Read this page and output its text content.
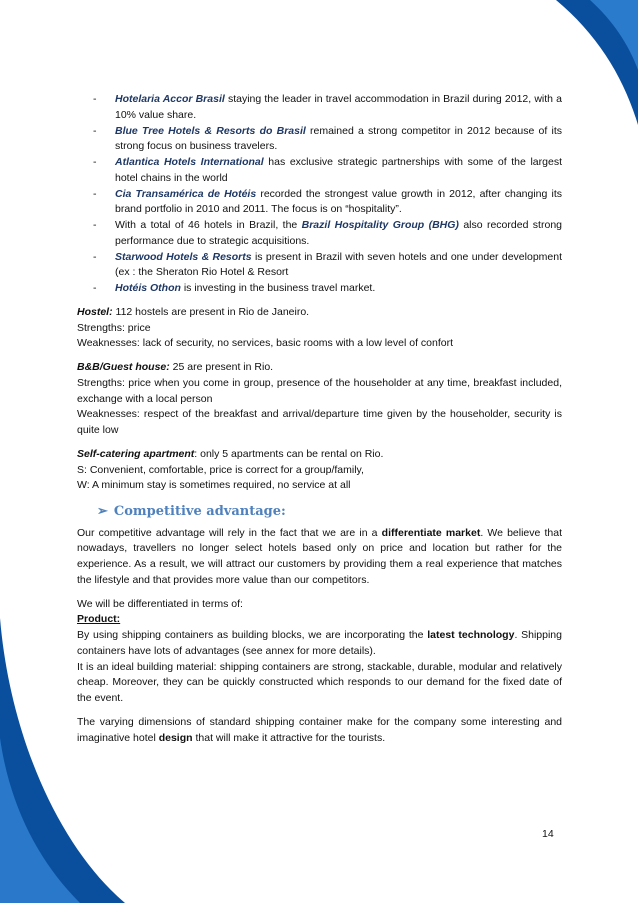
- Hotelaria Accor Brasil staying the leader in travel accommodation in Brazil during 2012, with a 10% value share.
- Blue Tree Hotels & Resorts do Brasil remained a strong competitor in 2012 because of its strong focus on business travelers.
- Atlantica Hotels International has exclusive strategic partnerships with some of the largest hotel chains in the world
- Cia Transamérica de Hotéis recorded the strongest value growth in 2012, after changing its brand portfolio in 2010 and 2011. The focus is on “hospitality”.
- With a total of 46 hotels in Brazil, the Brazil Hospitality Group (BHG) also recorded strong performance due to strategic acquisitions.
- Starwood Hotels & Resorts is present in Brazil with seven hotels and one under development (ex : the Sheraton Rio Hotel & Resort
- Hotéis Othon is investing in the business travel market.

Hostel: 112 hostels are present in Rio de Janeiro.

Strengths: price

Weaknesses: lack of security, no services, basic rooms with a low level of confort

B&B/Guest house: 25 are present in Rio.

Strengths: price when you come in group, presence of the householder at any time, breakfast included, exchange with a local person

Weaknesses: respect of the breakfast and arrival/departure time given by the householder, security is quite low

Self-catering apartment: only 5 apartments can be rental on Rio.

S: Convenient, comfortable, price is correct for a group/family,

W: A minimum stay is sometimes required, no service at all

➢ Competitive advantage:

Our competitive advantage will rely in the fact that we are in a differentiate market. We believe that nowadays, travellers no longer select hotels based only on price and location but rather for the experience. As a result, we will attract our customers by providing them a real experience that matches the lifestyle and that provides more value than our competitors.

We will be differentiated in terms of:

Product:

By using shipping containers as building blocks, we are incorporating the latest technology. Shipping containers have lots of advantages (see annex for more details).

It is an ideal building material: shipping containers are strong, stackable, durable, modular and relatively cheap. Moreover, they can be quickly constructed which responds to our demand for the fixed date of the event.

The varying dimensions of standard shipping container make for the company some interesting and imaginative hotel design that will make it attractive for the tourists.

14
